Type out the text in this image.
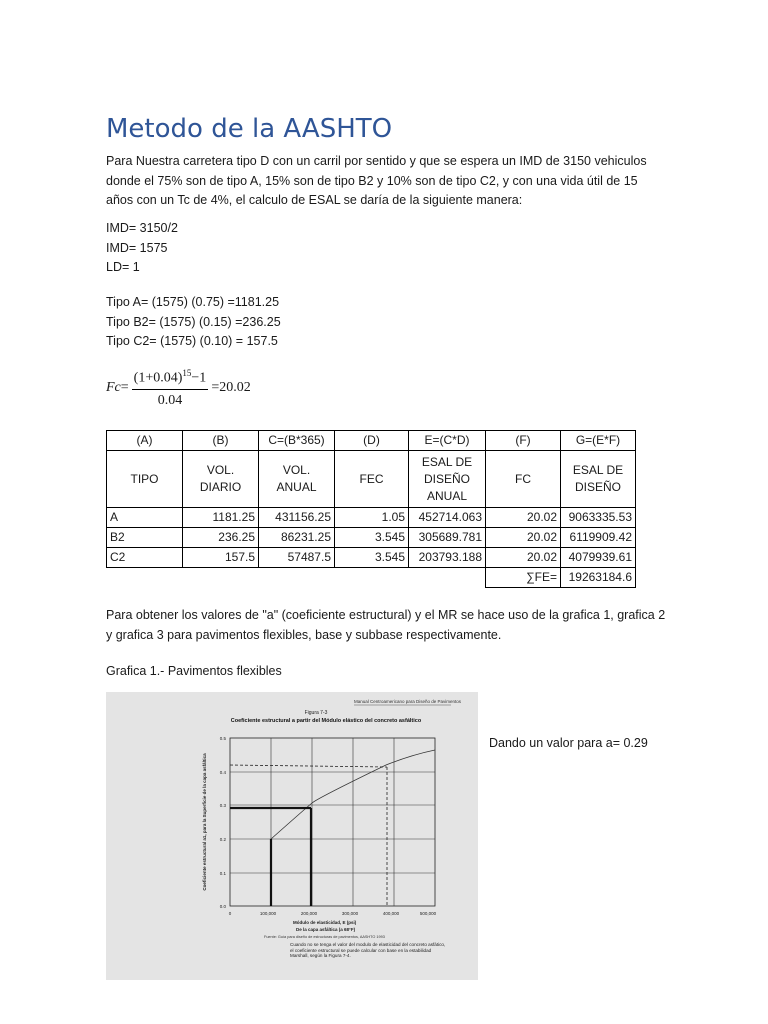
Metodo de la AASHTO
Para Nuestra carretera tipo D con un carril por sentido y que se espera un IMD de 3150 vehiculos donde el 75% son de tipo A, 15% son de tipo B2 y 10% son de tipo C2, y con una vida útil de 15 años con un Tc de 4%, el calculo de ESAL se daría de la siguiente manera:
IMD= 3150/2
IMD= 1575
LD= 1
Tipo A= (1575) (0.75) =1181.25
Tipo B2= (1575) (0.15) =236.25
Tipo C2= (1575) (0.10) = 157.5
$Fc = \frac{(1+0.04)^{15}-1}{0.04} =20.02$
(A)	(B)	C=(B*365)	(D)	E=(C*D)	(F)	G=(E*F)
TIPO	VOL. DIARIO	VOL. ANUAL	FEC	ESAL DE DISEÑO ANUAL	FC	ESAL DE DISEÑO
A	1181.25	431156.25	1.05	452714.063	20.02	9063335.53
B2	236.25	86231.25	3.545	305689.781	20.02	6119909.42
C2	157.5	57487.5	3.545	203793.188	20.02	4079939.61
					∑FE=	19263184.6
Para obtener los valores de "a" (coeficiente estructural) y el MR se hace uso de la grafica 1, grafica 2 y grafica 3 para pavimentos flexibles, base y subbase respectivamente.
Grafica 1.- Pavimentos flexibles
Manual Centroamericano para Diseño de Pavimentos
Figura 7-3
Coeficiente estructural a partir del Módulo elástico del concreto asfáltico
0.5
0.4
0.3
0.2
0.1
0.0
0	100,000	200,000	300,000	400,000	500,000
Coeficiente estructural a1, para la Superficie de la capa asfáltica
Módulo de elasticidad, E (psi)
De la capa asfáltica (a 68°F)
Fuente: Guía para diseño de estructuras de pavimentos, AASHTO 1993
Cuando no se tenga el valor del modulo de elasticidad del concreto asfático, el coeficiente estructural se puede calcular con base en la estabilidad Marshall, según la Figura 7-4.
Dando un valor para a= 0.29
